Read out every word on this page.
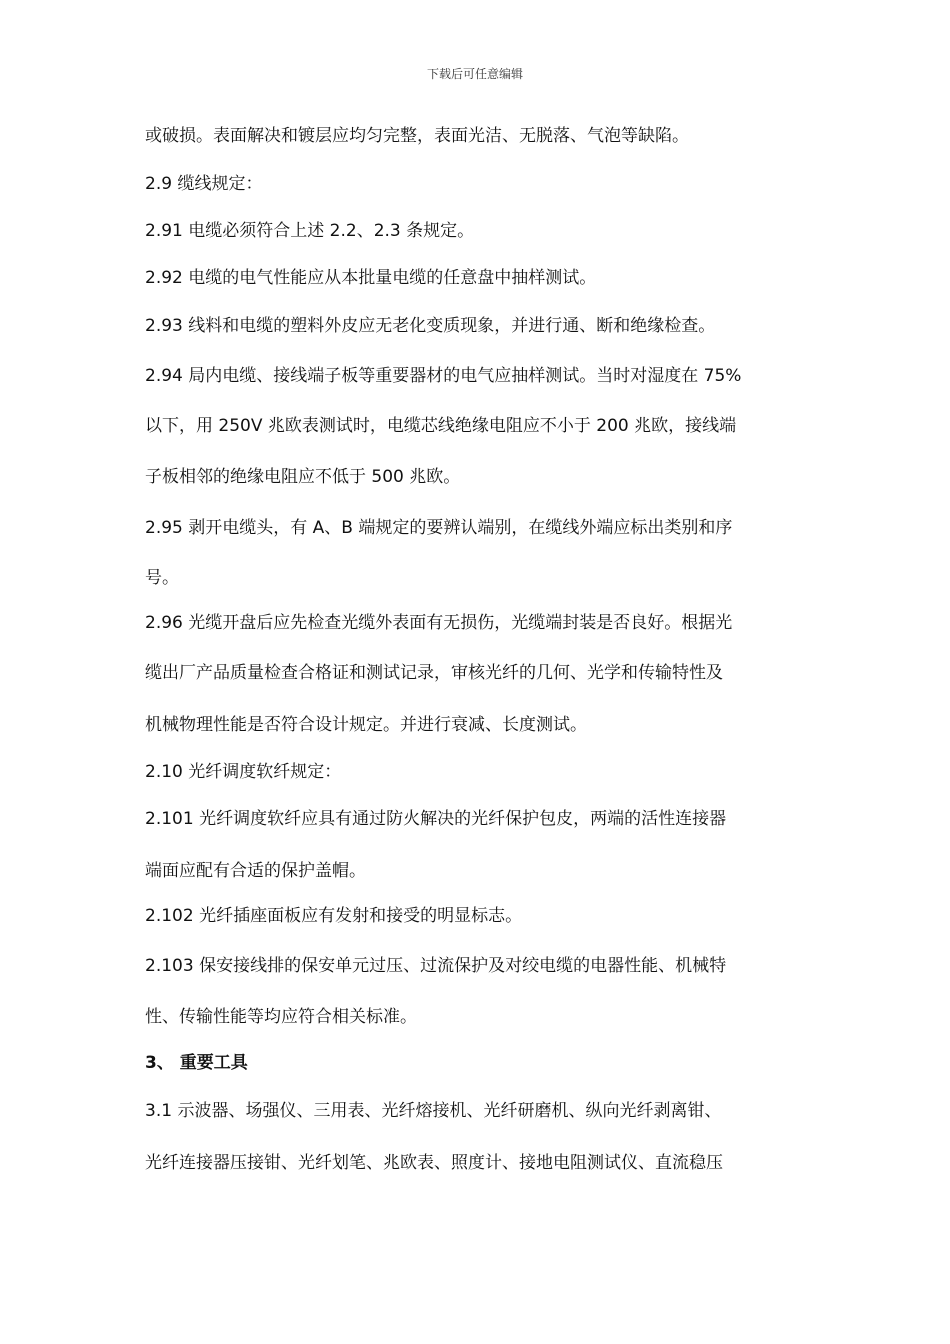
下载后可任意编辑
或破损。表面解决和镀层应均匀完整，表面光洁、无脱落、气泡等缺陷。
2.9 缆线规定：
2.91 电缆必须符合上述 2.2、2.3 条规定。
2.92 电缆的电气性能应从本批量电缆的任意盘中抽样测试。
2.93 线料和电缆的塑料外皮应无老化变质现象，并进行通、断和绝缘检查。
2.94 局内电缆、接线端子板等重要器材的电气应抽样测试。当时对湿度在 75%
以下，用 250V 兆欧表测试时，电缆芯线绝缘电阻应不小于 200 兆欧，接线端
子板相邻的绝缘电阻应不低于 500 兆欧。
2.95 剥开电缆头，有 A、B 端规定的要辨认端别，在缆线外端应标出类别和序
号。
2.96 光缆开盘后应先检查光缆外表面有无损伤，光缆端封装是否良好。根据光
缆出厂产品质量检查合格证和测试记录，审核光纤的几何、光学和传输特性及
机械物理性能是否符合设计规定。并进行衰减、长度测试。
2.10 光纤调度软纤规定：
2.101 光纤调度软纤应具有通过防火解决的光纤保护包皮，两端的活性连接器
端面应配有合适的保护盖帽。
2.102 光纤插座面板应有发射和接受的明显标志。
2.103 保安接线排的保安单元过压、过流保护及对绞电缆的电器性能、机械特
性、传输性能等均应符合相关标准。
3、 重要工具
3.1 示波器、场强仪、三用表、光纤熔接机、光纤研磨机、纵向光纤剥离钳、
光纤连接器压接钳、光纤划笔、兆欧表、照度计、接地电阻测试仪、直流稳压
